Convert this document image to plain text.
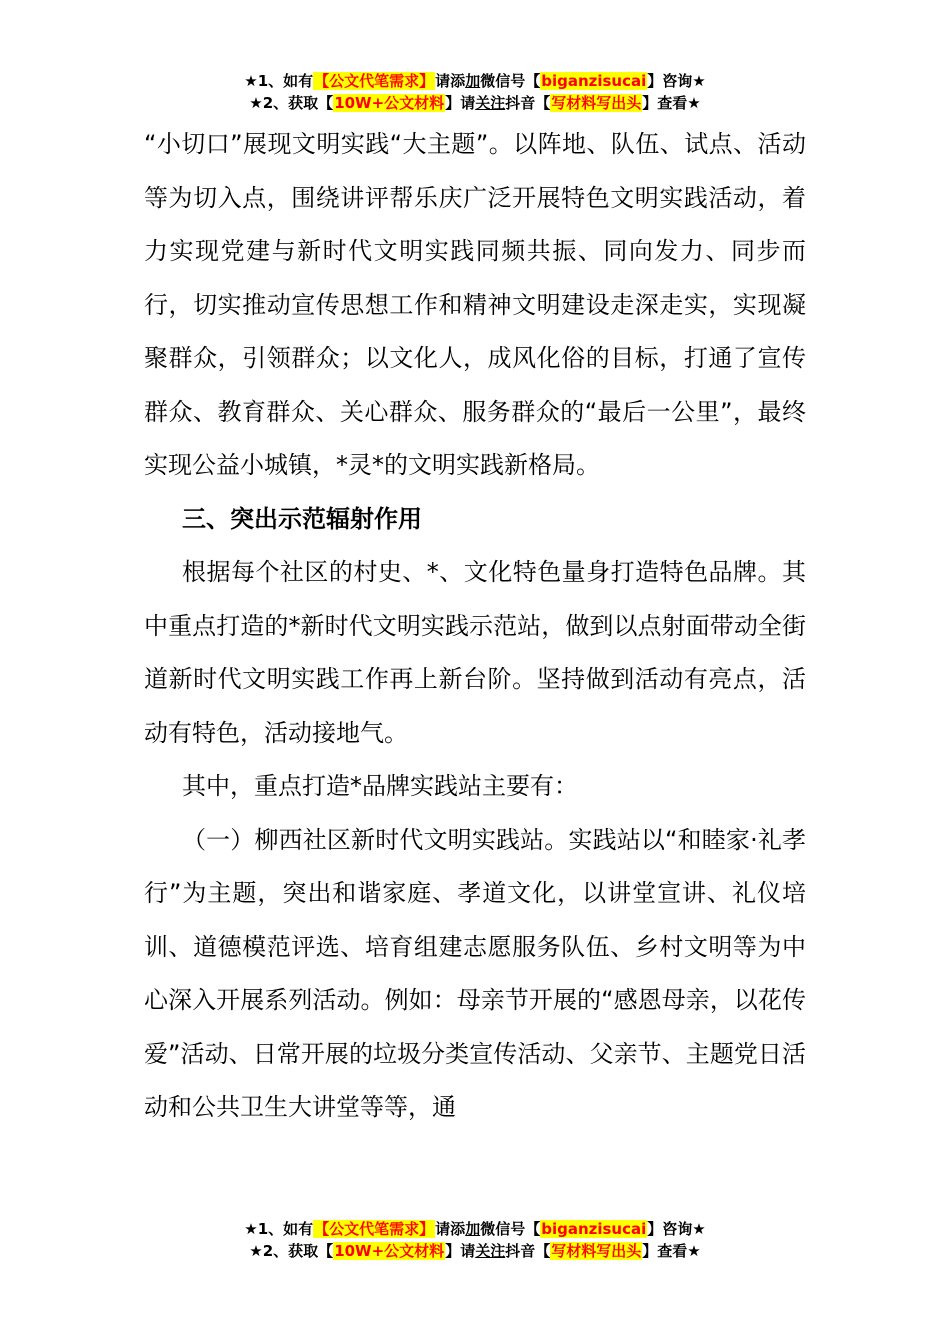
★1、如有【公文代笔需求】请添加微信号【biganzisucai】咨询★
★2、获取【10W+公文材料】请关注抖音【写材料写出头】查看★

“小切口”展现文明实践“大主题”。以阵地、队伍、试点、活动等为切入点，围绕讲评帮乐庆广泛开展特色文明实践活动，着力实现党建与新时代文明实践同频共振、同向发力、同步而行，切实推动宣传思想工作和精神文明建设走深走实，实现凝聚群众，引领群众；以文化人，成风化俗的目标，打通了宣传群众、教育群众、关心群众、服务群众的“最后一公里”，最终实现公益小城镇，*灵*的文明实践新格局。

三、突出示范辐射作用

根据每个社区的村史、*、文化特色量身打造特色品牌。其中重点打造的*新时代文明实践示范站，做到以点射面带动全街道新时代文明实践工作再上新台阶。坚持做到活动有亮点，活动有特色，活动接地气。

其中，重点打造*品牌实践站主要有：

（一）柳西社区新时代文明实践站。实践站以“和睦家·礼孝行”为主题，突出和谐家庭、孝道文化，以讲堂宣讲、礼仪培训、道德模范评选、培育组建志愿服务队伍、乡村文明等为中心深入开展系列活动。例如：母亲节开展的“感恩母亲，以花传爱”活动、日常开展的垃圾分类宣传活动、父亲节、主题党日活动和公共卫生大讲堂等等，通

★1、如有【公文代笔需求】请添加微信号【biganzisucai】咨询★
★2、获取【10W+公文材料】请关注抖音【写材料写出头】查看★
